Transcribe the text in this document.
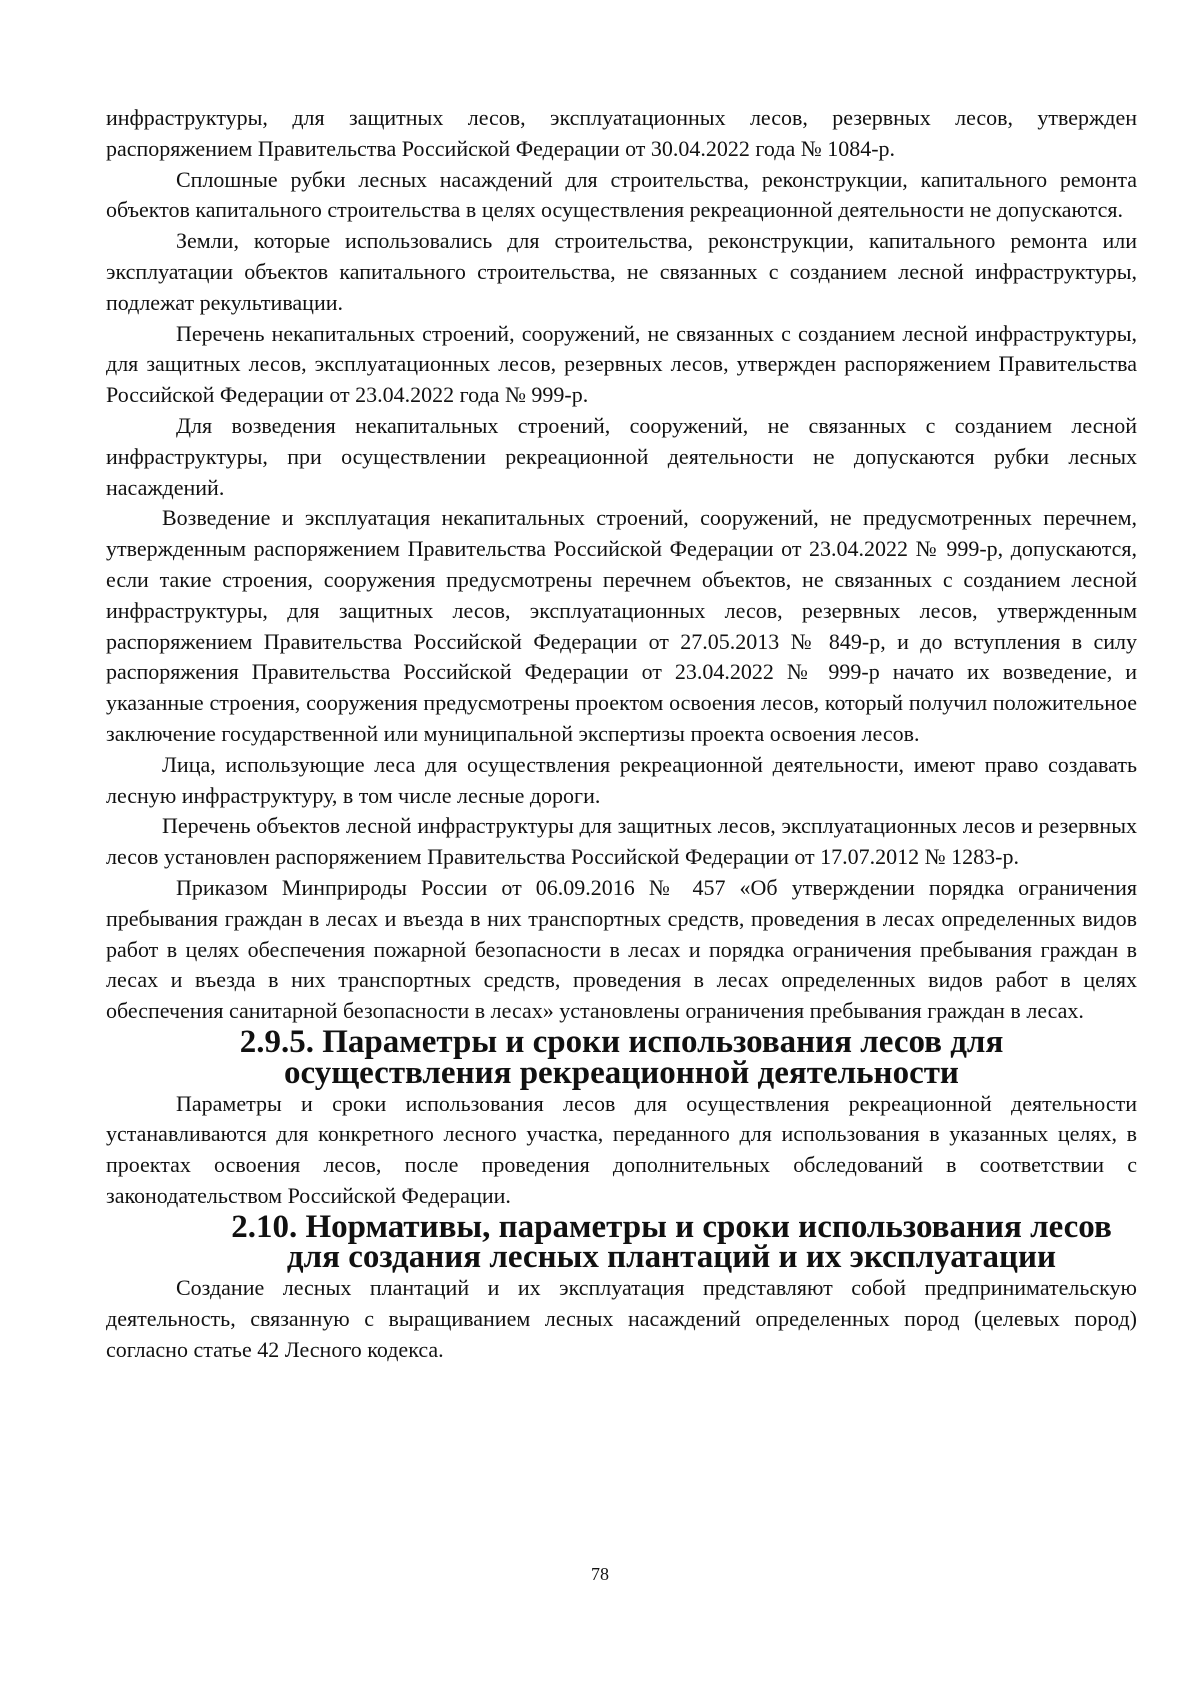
инфраструктуры, для защитных лесов, эксплуатационных лесов, резервных лесов, утвержден распоряжением Правительства Российской Федерации от 30.04.2022 года № 1084-р.

Сплошные рубки лесных насаждений для строительства, реконструкции, капитального ремонта объектов капитального строительства в целях осуществления рекреационной деятельности не допускаются.

Земли, которые использовались для строительства, реконструкции, капитального ремонта или эксплуатации объектов капитального строительства, не связанных с созданием лесной инфраструктуры, подлежат рекультивации.

Перечень некапитальных строений, сооружений, не связанных с созданием лесной инфраструктуры, для защитных лесов, эксплуатационных лесов, резервных лесов, утвержден распоряжением Правительства Российской Федерации от 23.04.2022 года № 999-р.

Для возведения некапитальных строений, сооружений, не связанных с созданием лесной инфраструктуры, при осуществлении рекреационной деятельности не допускаются рубки лесных насаждений.

Возведение и эксплуатация некапитальных строений, сооружений, не предусмотренных перечнем, утвержденным распоряжением Правительства Российской Федерации от 23.04.2022 № 999-р, допускаются, если такие строения, сооружения предусмотрены перечнем объектов, не связанных с созданием лесной инфраструктуры, для защитных лесов, эксплуатационных лесов, резервных лесов, утвержденным распоряжением Правительства Российской Федерации от 27.05.2013 № 849-р, и до вступления в силу распоряжения Правительства Российской Федерации от 23.04.2022 № 999-р начато их возведение, и указанные строения, сооружения предусмотрены проектом освоения лесов, который получил положительное заключение государственной или муниципальной экспертизы проекта освоения лесов.

Лица, использующие леса для осуществления рекреационной деятельности, имеют право создавать лесную инфраструктуру, в том числе лесные дороги.

Перечень объектов лесной инфраструктуры для защитных лесов, эксплуатационных лесов и резервных лесов установлен распоряжением Правительства Российской Федерации от 17.07.2012 № 1283-р.

Приказом Минприроды России от 06.09.2016 № 457 «Об утверждении порядка ограничения пребывания граждан в лесах и въезда в них транспортных средств, проведения в лесах определенных видов работ в целях обеспечения пожарной безопасности в лесах и порядка ограничения пребывания граждан в лесах и въезда в них транспортных средств, проведения в лесах определенных видов работ в целях обеспечения санитарной безопасности в лесах» установлены ограничения пребывания граждан в лесах.

2.9.5. Параметры и сроки использования лесов для осуществления рекреационной деятельности

Параметры и сроки использования лесов для осуществления рекреационной деятельности устанавливаются для конкретного лесного участка, переданного для использования в указанных целях, в проектах освоения лесов, после проведения дополнительных обследований в соответствии с законодательством Российской Федерации.

2.10. Нормативы, параметры и сроки использования лесов для создания лесных плантаций и их эксплуатации

Создание лесных плантаций и их эксплуатация представляют собой предпринимательскую деятельность, связанную с выращиванием лесных насаждений определенных пород (целевых пород) согласно статье 42 Лесного кодекса.

78
